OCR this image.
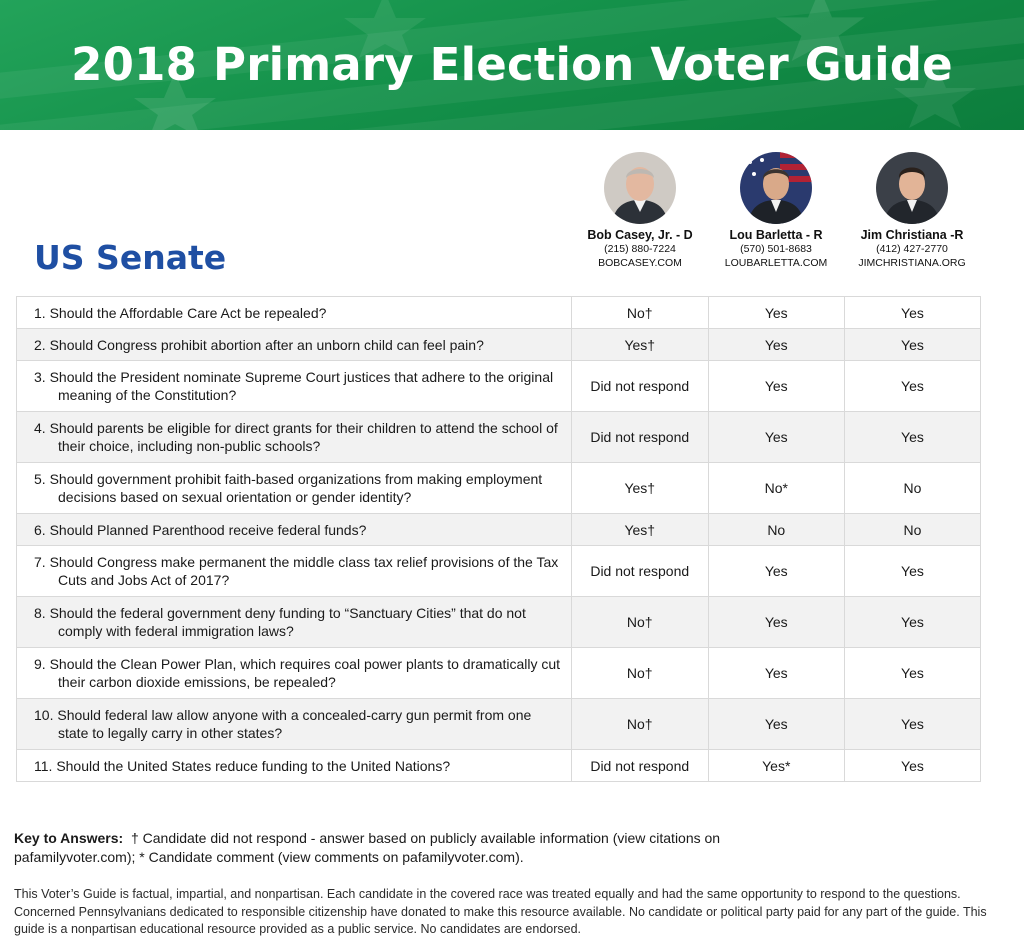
2018 Primary Election Voter Guide
US Senate
Bob Casey, Jr. - D
(215) 880-7224
BOBCASEY.COM
Lou Barletta - R
(570) 501-8683
LOUBARLETTA.COM
Jim Christiana -R
(412) 427-2770
JIMCHRISTIANA.ORG
1. Should the Affordable Care Act be repealed?	No†	Yes	Yes

2. Should Congress prohibit abortion after an unborn child can feel pain?	Yes†	Yes	Yes

3. Should the President nominate Supreme Court justices that adhere to the original meaning of the Constitution?	Did not respond	Yes	Yes

4. Should parents be eligible for direct grants for their children to attend the school of their choice, including non-public schools?	Did not respond	Yes	Yes

5. Should government prohibit faith-based organizations from making employment decisions based on sexual orientation or gender identity?	Yes†	No*	No

6. Should Planned Parenthood receive federal funds?	Yes†	No	No

7. Should Congress make permanent the middle class tax relief provisions of the Tax Cuts and Jobs Act of 2017?	Did not respond	Yes	Yes

8. Should the federal government deny funding to “Sanctuary Cities” that do not comply with federal immigration laws?	No†	Yes	Yes

9. Should the Clean Power Plan, which requires coal power plants to dramatically cut their carbon dioxide emissions, be repealed?	No†	Yes	Yes

10. Should federal law allow anyone with a concealed-carry gun permit from one state to legally carry in other states?	No†	Yes	Yes

11. Should the United States reduce funding to the United Nations?	Did not respond	Yes*	Yes

Key to Answers: † Candidate did not respond - answer based on publicly available information (view citations on pafamilyvoter.com); * Candidate comment (view comments on pafamilyvoter.com).

This Voter’s Guide is factual, impartial, and nonpartisan. Each candidate in the covered race was treated equally and had the same opportunity to respond to the questions. Concerned Pennsylvanians dedicated to responsible citizenship have donated to make this resource available. No candidate or political party paid for any part of the guide. This guide is a nonpartisan educational resource provided as a public service. No candidates are endorsed.
